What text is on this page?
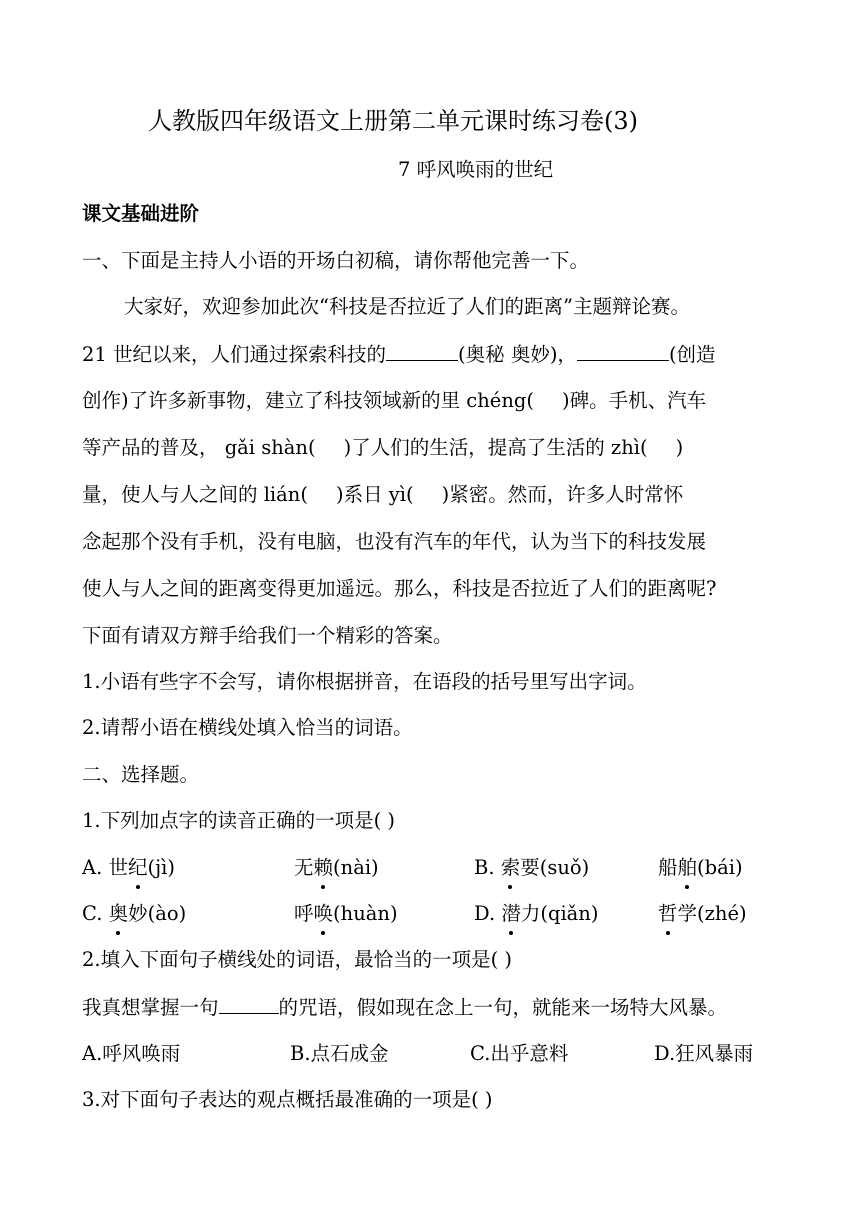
人教版四年级语文上册第二单元课时练习卷(3)
7 呼风唤雨的世纪
课文基础进阶
一、下面是主持人小语的开场白初稿，请你帮他完善一下。
大家好，欢迎参加此次“科技是否拉近了人们的距离”主题辩论赛。
21 世纪以来，人们通过探索科技的	(奥秘 奥妙)，	(创造
创作)了许多新事物，建立了科技领域新的里 chéng( )碑。手机、汽车
等产品的普及， gǎi shàn( )了人们的生活，提高了生活的 zhì( )
量，使人与人之间的 lián( )系日 yì( )紧密。然而，许多人时常怀
念起那个没有手机，没有电脑，也没有汽车的年代，认为当下的科技发展
使人与人之间的距离变得更加遥远。那么，科技是否拉近了人们的距离呢?
下面有请双方辩手给我们一个精彩的答案。
1.小语有些字不会写，请你根据拼音，在语段的括号里写出字词。
2.请帮小语在横线处填入恰当的词语。
二、选择题。
1.下列加点字的读音正确的一项是( )
A. 世纪(jì)	无赖(nài)	B. 索要(suǒ)	船舶(bái)
C. 奥妙(ào)	呼唤(huàn)	D. 潜力(qiǎn)	哲学(zhé)
2.填入下面句子横线处的词语，最恰当的一项是( )
我真想掌握一句	的咒语，假如现在念上一句，就能来一场特大风暴。
A.呼风唤雨	B.点石成金	C.出乎意料	D.狂风暴雨
3.对下面句子表达的观点概括最准确的一项是( )
